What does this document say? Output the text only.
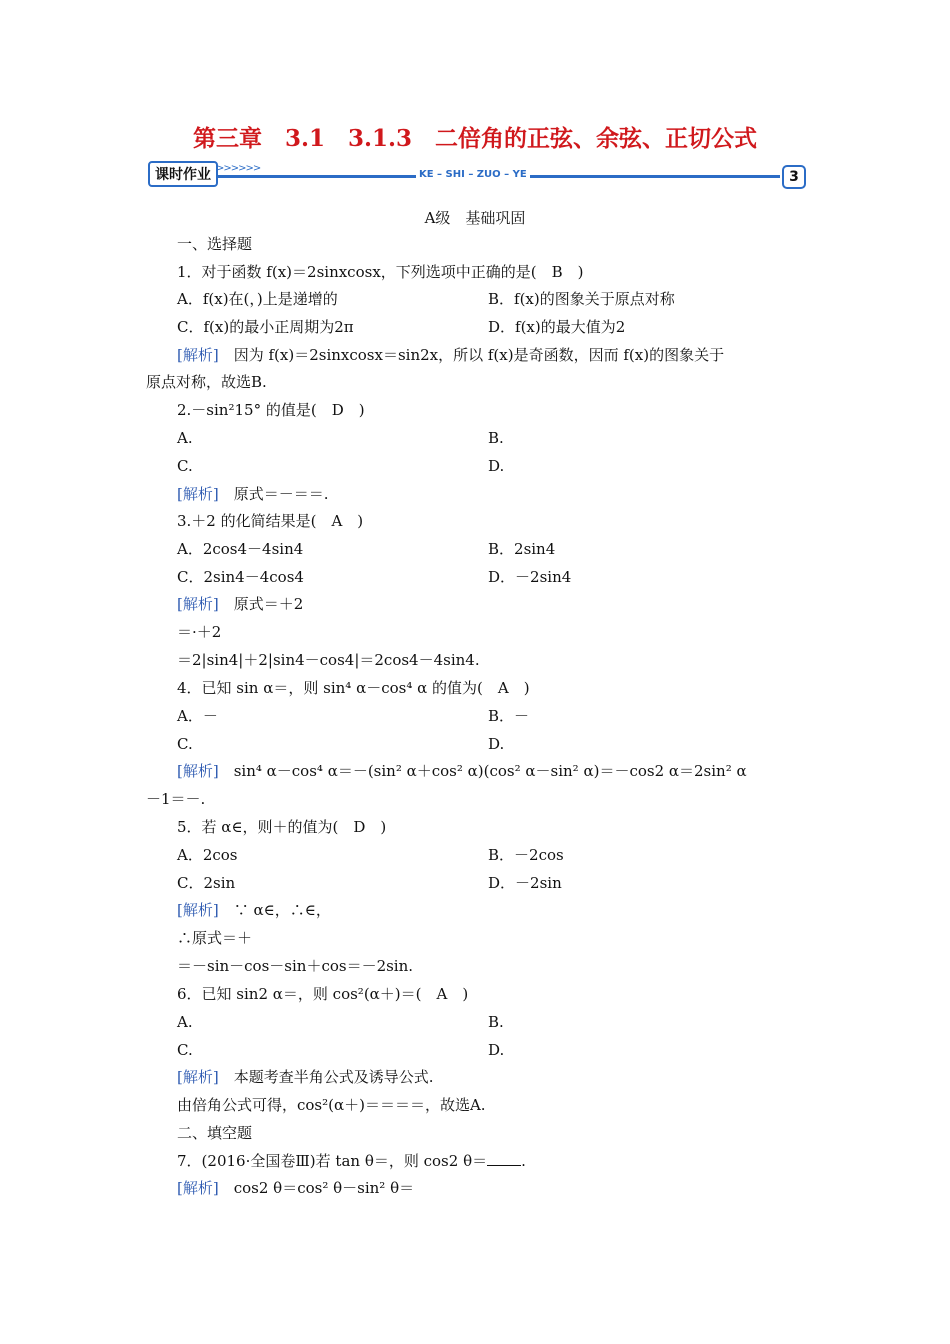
第三章　3.1　3.1.3　二倍角的正弦、余弦、正切公式
课时作业 >>>>>>
KE – SHI – ZUO – YE	3
A级　基础巩固
一、选择题
1．对于函数 f(x)＝2sinxcosx，下列选项中正确的是(　B　)
A．f(x)在(，)上是递增的	B．f(x)的图象关于原点对称
C．f(x)的最小正周期为2π	D．f(x)的最大值为2
[解析]　因为 f(x)＝2sinxcosx＝sin2x，所以 f(x)是奇函数，因而 f(x)的图象关于
原点对称，故选B.
2.－sin²15° 的值是(　D　)
A.	B.
C.	D.
[解析]　原式＝－＝＝.
3.＋2 的化简结果是(　A　)
A．2cos4－4sin4	B．2sin4
C．2sin4－4cos4	D．－2sin4
[解析]　原式＝＋2
＝·＋2
＝2|sin4|＋2|sin4－cos4|＝2cos4－4sin4.
4．已知 sin α＝，则 sin⁴ α－cos⁴ α 的值为(　A　)
A．－	B．－
C.	D.
[解析]　sin⁴ α－cos⁴ α＝－(sin² α＋cos² α)(cos² α－sin² α)＝－cos2 α＝2sin² α
－1＝－.
5．若 α∈，则＋的值为(　D　)
A．2cos	B．－2cos
C．2sin	D．－2sin
[解析]　∵ α∈，∴∈，
∴原式＝＋
＝－sin－cos－sin＋cos＝－2sin.
6．已知 sin2 α＝，则 cos²(α＋)＝(　A　)
A.	B.
C.	D.
[解析]　本题考查半角公式及诱导公式.
由倍角公式可得，cos²(α＋)＝＝＝＝，故选A.
二、填空题
7．(2016·全国卷Ⅲ)若 tan θ＝，则 cos2 θ＝ .
[解析]　cos2 θ＝cos² θ－sin² θ＝
